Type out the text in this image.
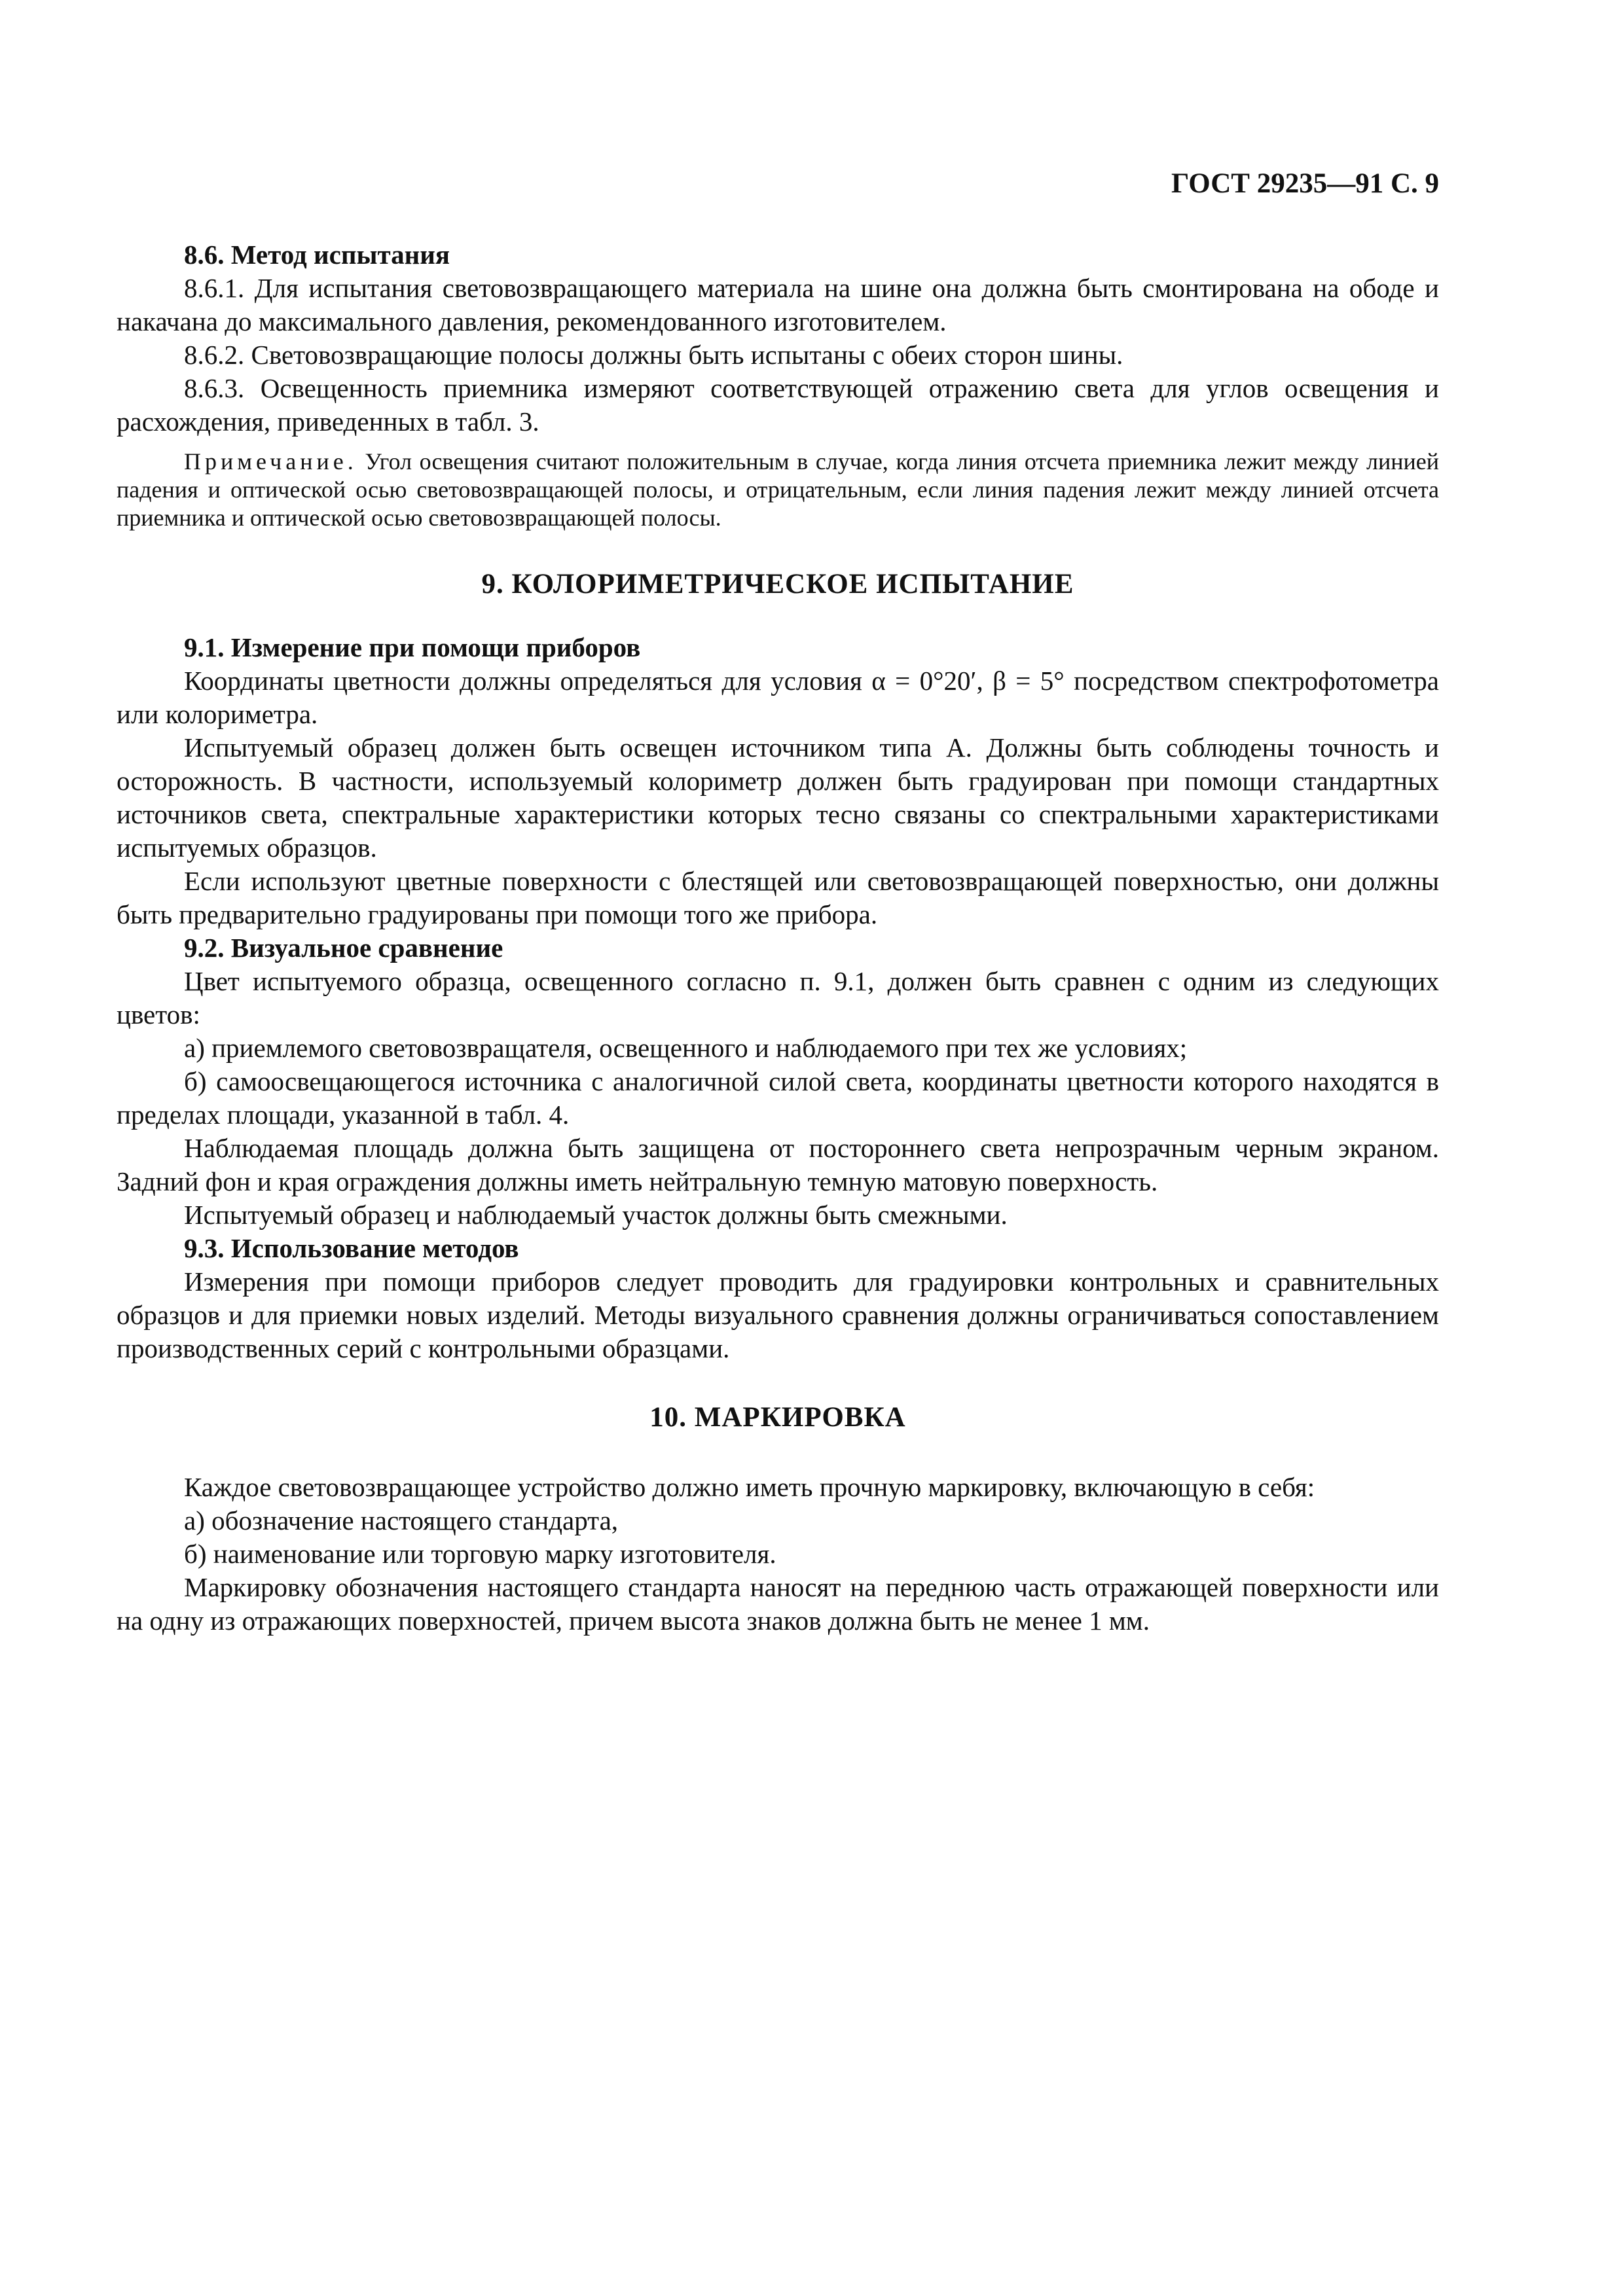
ГОСТ 29235—91 С. 9
8.6. Метод испытания
8.6.1. Для испытания световозвращающего материала на шине она должна быть смонтирована на ободе и накачана до максимального давления, рекомендованного изготовителем.
8.6.2. Световозвращающие полосы должны быть испытаны с обеих сторон шины.
8.6.3. Освещенность приемника измеряют соответствующей отражению света для углов освещения и расхождения, приведенных в табл. 3.
Примечание. Угол освещения считают положительным в случае, когда линия отсчета приемника лежит между линией падения и оптической осью световозвращающей полосы, и отрицательным, если линия падения лежит между линией отсчета приемника и оптической осью световозвращающей полосы.
9. КОЛОРИМЕТРИЧЕСКОЕ ИСПЫТАНИЕ
9.1. Измерение при помощи приборов
Координаты цветности должны определяться для условия α = 0°20′, β = 5° посредством спектрофотометра или колориметра.
Испытуемый образец должен быть освещен источником типа А. Должны быть соблюдены точность и осторожность. В частности, используемый колориметр должен быть градуирован при помощи стандартных источников света, спектральные характеристики которых тесно связаны со спектральными характеристиками испытуемых образцов.
Если используют цветные поверхности с блестящей или световозвращающей поверхностью, они должны быть предварительно градуированы при помощи того же прибора.
9.2. Визуальное сравнение
Цвет испытуемого образца, освещенного согласно п. 9.1, должен быть сравнен с одним из следующих цветов:
а) приемлемого световозвращателя, освещенного и наблюдаемого при тех же условиях;
б) самоосвещающегося источника с аналогичной силой света, координаты цветности которого находятся в пределах площади, указанной в табл. 4.
Наблюдаемая площадь должна быть защищена от постороннего света непрозрачным черным экраном. Задний фон и края ограждения должны иметь нейтральную темную матовую поверхность.
Испытуемый образец и наблюдаемый участок должны быть смежными.
9.3. Использование методов
Измерения при помощи приборов следует проводить для градуировки контрольных и сравнительных образцов и для приемки новых изделий. Методы визуального сравнения должны ограничиваться сопоставлением производственных серий с контрольными образцами.
10. МАРКИРОВКА
Каждое световозвращающее устройство должно иметь прочную маркировку, включающую в себя:
а) обозначение настоящего стандарта,
б) наименование или торговую марку изготовителя.
Маркировку обозначения настоящего стандарта наносят на переднюю часть отражающей поверхности или на одну из отражающих поверхностей, причем высота знаков должна быть не менее 1 мм.
